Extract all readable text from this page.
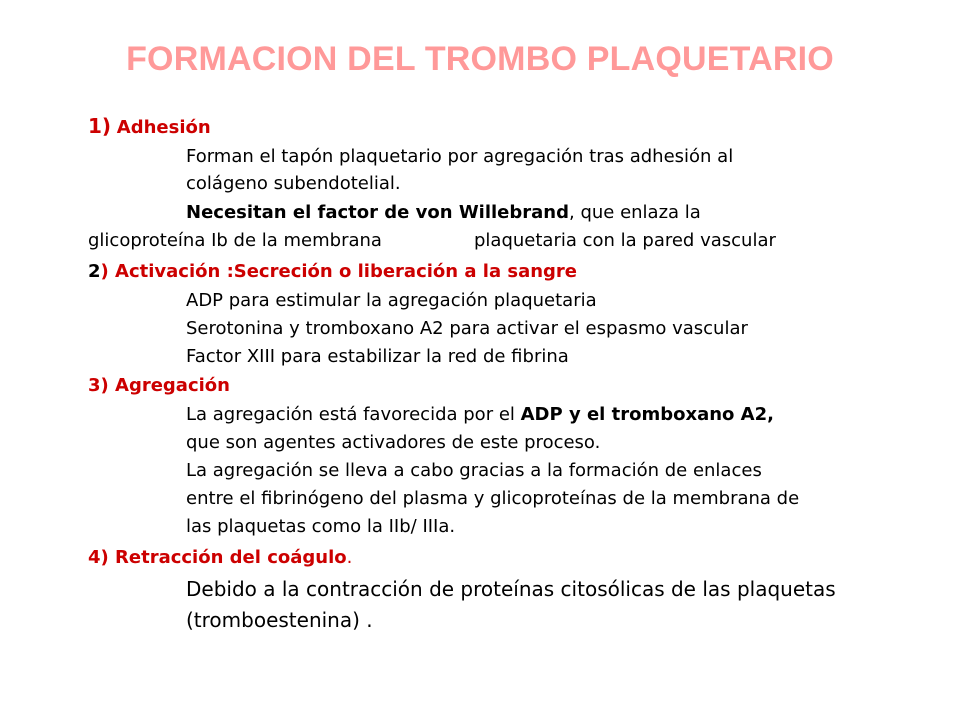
FORMACION DEL TROMBO PLAQUETARIO
1) Adhesión
Forman el tapón plaquetario por agregación tras adhesión al
colágeno subendotelial.
Necesitan el factor de von Willebrand, que enlaza la
glicoproteína Ib de la membrana	plaquetaria con la pared vascular
2) Activación :Secreción o liberación a la sangre
ADP para estimular la agregación plaquetaria
Serotonina y tromboxano A2 para activar el espasmo vascular
Factor XIII para estabilizar la red de fibrina
3) Agregación
La agregación está favorecida por el ADP y el tromboxano A2,
que son agentes activadores de este proceso.
La agregación se lleva a cabo gracias a la formación de enlaces
entre el fibrinógeno del plasma y glicoproteínas de la membrana de
las plaquetas como la IIb/ IIIa.
4) Retracción del coágulo.
Debido a la contracción de proteínas citosólicas de las plaquetas
(tromboestenina) .
